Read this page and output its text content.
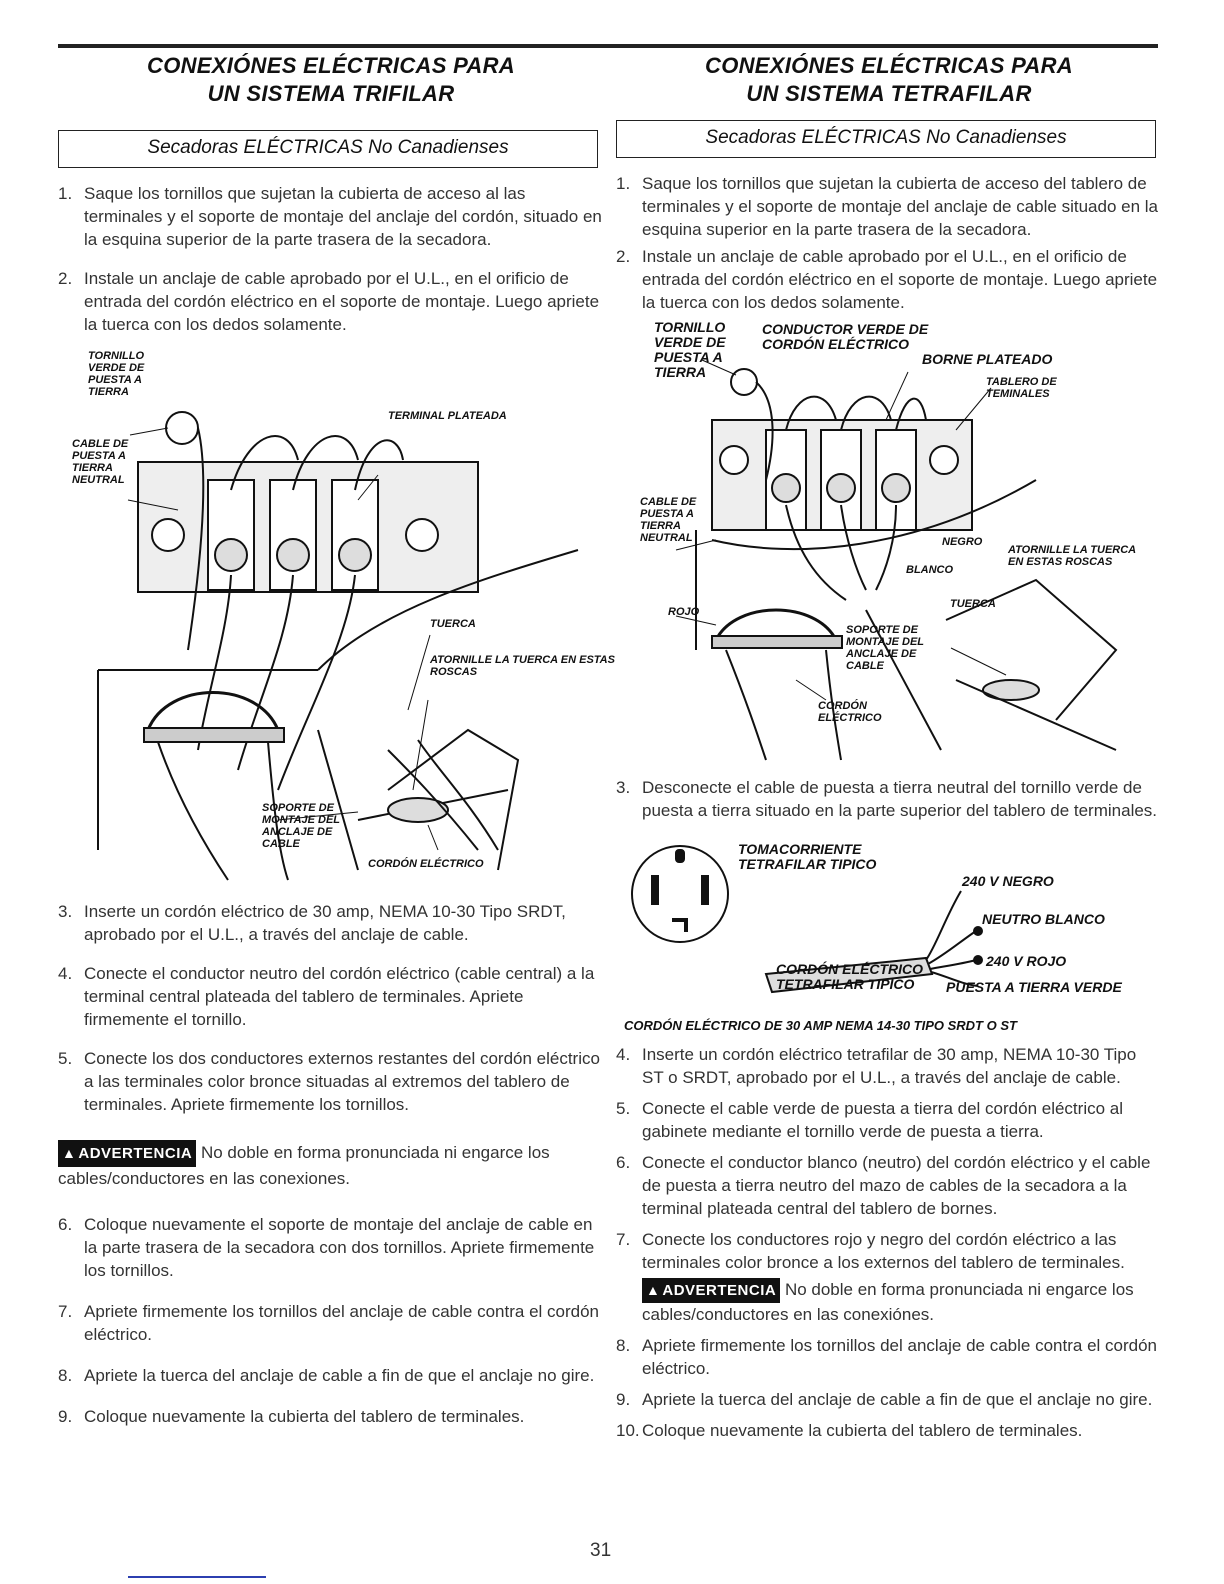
CONEXIÓNES ELÉCTRICAS PARA
UN SISTEMA TRIFILAR
Secadoras ELÉCTRICAS No Canadienses
1. Saque los tornillos que sujetan la cubierta de acceso al las terminales y el soporte de montaje del anclaje del cordón, situado en la esquina superior de la parte trasera de la secadora.
2. Instale un anclaje de cable aprobado por el U.L., en el orificio de entrada del cordón eléctrico en el soporte de montaje. Luego apriete la tuerca con los dedos solamente.
TORNILLO VERDE DE PUESTA A TIERRA
CABLE DE PUESTA A TIERRA NEUTRAL
TERMINAL PLATEADA
TUERCA
ATORNILLE LA TUERCA EN ESTAS ROSCAS
SOPORTE DE MONTAJE DEL ANCLAJE DE CABLE
CORDÓN ELÉCTRICO
3. Inserte un cordón eléctrico de 30 amp, NEMA 10-30 Tipo SRDT, aprobado por el U.L., a través del anclaje de cable.
4. Conecte el conductor neutro del cordón eléctrico (cable central) a la terminal central plateada del tablero de terminales. Apriete firmemente el tornillo.
5. Conecte los dos conductores externos restantes del cordón eléctrico a las terminales color bronce situadas al extremos del tablero de terminales. Apriete firmemente los tornillos.
▲ ADVERTENCIA No doble en forma pronunciada ni engarce los cables/conductores en las conexiones.
6. Coloque nuevamente el soporte de montaje del anclaje de cable en la parte trasera de la secadora con dos tornillos. Apriete firmemente los tornillos.
7. Apriete firmemente los tornillos del anclaje de cable contra el cordón eléctrico.
8. Apriete la tuerca del anclaje de cable a fin de que el anclaje no gire.
9. Coloque nuevamente la cubierta del tablero de terminales.
CONEXIÓNES ELÉCTRICAS PARA
UN SISTEMA TETRAFILAR
Secadoras ELÉCTRICAS No Canadienses
1. Saque los tornillos que sujetan la cubierta de acceso del tablero de terminales y el soporte de montaje del anclaje de cable situado en la esquina superior en la parte trasera de la secadora.
2. Instale un anclaje de cable aprobado por el U.L., en el orificio de entrada del cordón eléctrico en el soporte de montaje. Luego apriete la tuerca con los dedos solamente.
TORNILLO VERDE DE PUESTA A TIERRA
CONDUCTOR VERDE DE CORDÓN ELÉCTRICO
BORNE PLATEADO
TABLERO DE TEMINALES
CABLE DE PUESTA A TIERRA NEUTRAL	NEGRO
ATORNILLE LA TUERCA EN ESTAS ROSCAS
BLANCO
ROJO
TUERCA
SOPORTE DE MONTAJE DEL ANCLAJE DE CABLE
CORDÓN ELÉCTRICO
3. Desconecte el cable de puesta a tierra neutral del tornillo verde de puesta a tierra situado en la parte superior del tablero de terminales.
TOMACORRIENTE TETRAFILAR TIPICO
240 V NEGRO
NEUTRO BLANCO
240 V ROJO
CORDÓN ELÉCTRICO TETRAFILAR TIPICO	PUESTA A TIERRA VERDE
CORDÓN ELÉCTRICO DE 30 AMP NEMA 14-30 TIPO SRDT O ST
4. Inserte un cordón eléctrico tetrafilar de 30 amp, NEMA 10-30 Tipo ST o SRDT, aprobado por el U.L., a través del anclaje de cable.
5. Conecte el cable verde de puesta a tierra del cordón eléctrico al gabinete mediante el tornillo verde de puesta a tierra.
6. Conecte el conductor blanco (neutro) del cordón eléctrico y el cable de puesta a tierra neutro del mazo de cables de la secadora a la terminal plateada central del tablero de bornes.
7. Conecte los conductores rojo y negro del cordón eléctrico a las terminales color bronce a los externos del tablero de terminales.
▲ ADVERTENCIA No doble en forma pronunciada ni engarce los cables/conductores en las conexiónes.
8. Apriete firmemente los tornillos del anclaje de cable contra el cordón eléctrico.
9. Apriete la tuerca del anclaje de cable a fin de que el anclaje no gire.
10. Coloque nuevamente la cubierta del tablero de terminales.
31
